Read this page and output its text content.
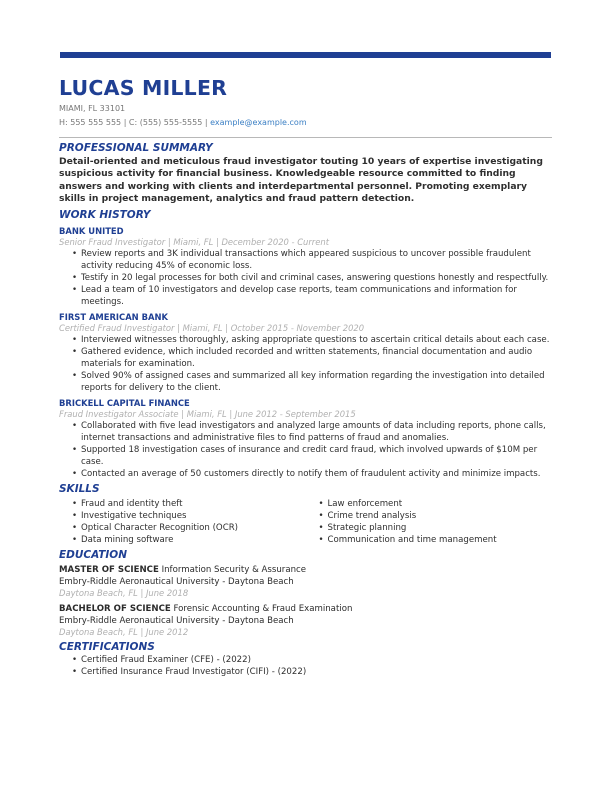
LUCAS MILLER
MIAMI, FL 33101
H: 555 555 555 | C: (555) 555-5555 | example@example.com
PROFESSIONAL SUMMARY
Detail-oriented and meticulous fraud investigator touting 10 years of expertise investigating suspicious activity for financial business. Knowledgeable resource committed to finding answers and working with clients and interdepartmental personnel. Promoting exemplary skills in project management, analytics and fraud pattern detection.
WORK HISTORY
BANK UNITED
Senior Fraud Investigator | Miami, FL | December 2020 - Current
• Review reports and 3K individual transactions which appeared suspicious to uncover possible fraudulent activity reducing 45% of economic loss.
• Testify in 20 legal processes for both civil and criminal cases, answering questions honestly and respectfully.
• Lead a team of 10 investigators and develop case reports, team communications and information for meetings.
FIRST AMERICAN BANK
Certified Fraud Investigator | Miami, FL | October 2015 - November 2020
• Interviewed witnesses thoroughly, asking appropriate questions to ascertain critical details about each case.
• Gathered evidence, which included recorded and written statements, financial documentation and audio materials for examination.
• Solved 90% of assigned cases and summarized all key information regarding the investigation into detailed reports for delivery to the client.
BRICKELL CAPITAL FINANCE
Fraud Investigator Associate | Miami, FL | June 2012 - September 2015
• Collaborated with five lead investigators and analyzed large amounts of data including reports, phone calls, internet transactions and administrative files to find patterns of fraud and anomalies.
• Supported 18 investigation cases of insurance and credit card fraud, which involved upwards of $10M per case.
• Contacted an average of 50 customers directly to notify them of fraudulent activity and minimize impacts.
SKILLS
• Fraud and identity theft
• Investigative techniques
• Optical Character Recognition (OCR)
• Data mining software
• Law enforcement
• Crime trend analysis
• Strategic planning
• Communication and time management
EDUCATION
MASTER OF SCIENCE Information Security & Assurance
Embry-Riddle Aeronautical University - Daytona Beach
Daytona Beach, FL | June 2018
BACHELOR OF SCIENCE Forensic Accounting & Fraud Examination
Embry-Riddle Aeronautical University - Daytona Beach
Daytona Beach, FL | June 2012
CERTIFICATIONS
• Certified Fraud Examiner (CFE) - (2022)
• Certified Insurance Fraud Investigator (CIFI) - (2022)
